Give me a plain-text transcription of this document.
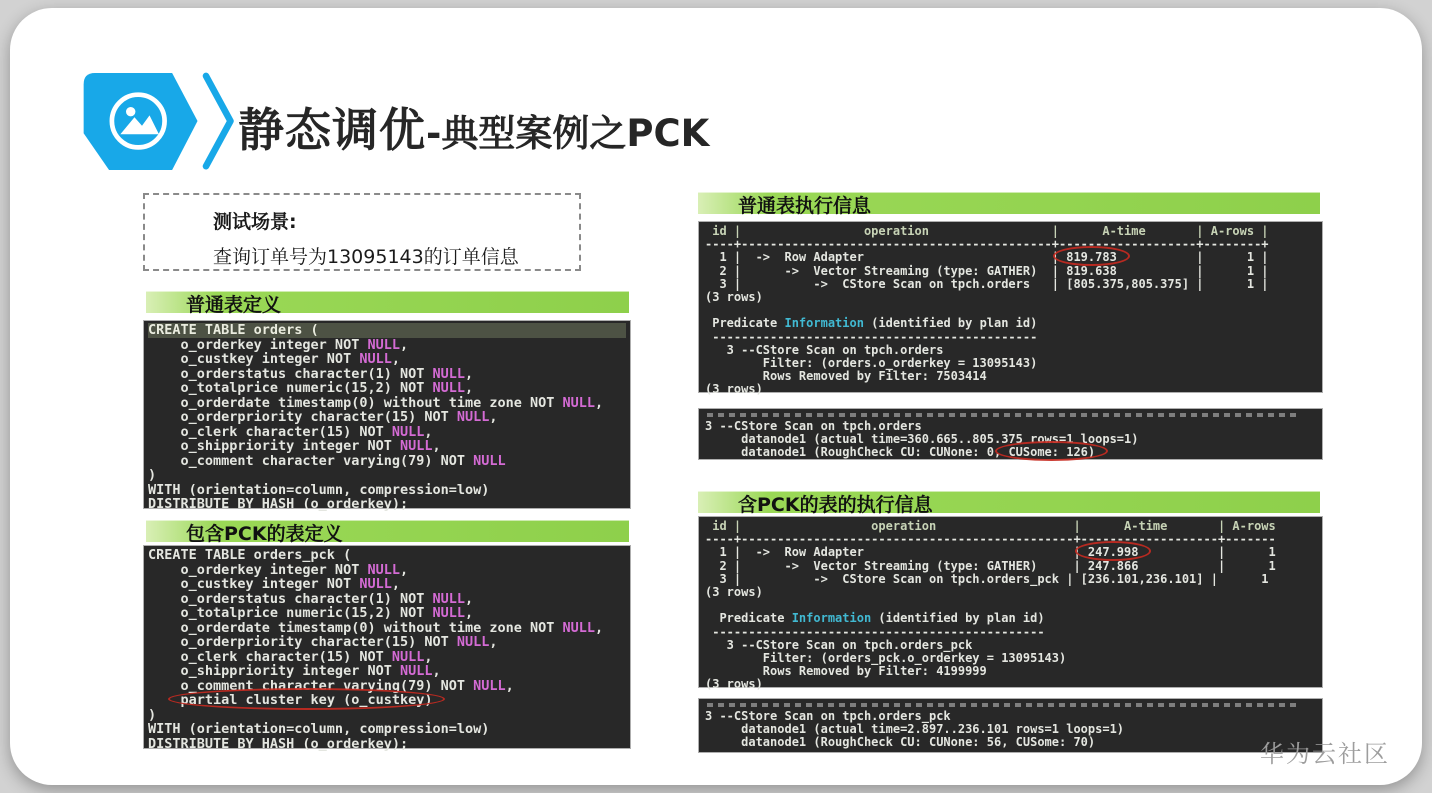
静态调优-典型案例之PCK
测试场景:
查询订单号为13095143的订单信息
普通表定义
CREATE TABLE orders (
o_orderkey integer NOT NULL,
o_custkey integer NOT NULL,
o_orderstatus character(1) NOT NULL,
o_totalprice numeric(15,2) NOT NULL,
o_orderdate timestamp(0) without time zone NOT NULL,
o_orderpriority character(15) NOT NULL,
o_clerk character(15) NOT NULL,
o_shippriority integer NOT NULL,
o_comment character varying(79) NOT NULL
)
WITH (orientation=column, compression=low)
DISTRIBUTE BY HASH (o_orderkey);
包含PCK的表定义
CREATE TABLE orders_pck (
o_orderkey integer NOT NULL,
o_custkey integer NOT NULL,
o_orderstatus character(1) NOT NULL,
o_totalprice numeric(15,2) NOT NULL,
o_orderdate timestamp(0) without time zone NOT NULL,
o_orderpriority character(15) NOT NULL,
o_clerk character(15) NOT NULL,
o_shippriority integer NOT NULL,
o_comment character varying(79) NOT NULL,
partial cluster key (o_custkey)
)
WITH (orientation=column, compression=low)
DISTRIBUTE BY HASH (o_orderkey);
普通表执行信息
id |                 operation                 |      A-time       | A-rows |
----+-------------------------------------------+-------------------+--------+
1 |  ->  Row Adapter                          | 819.783           |      1 |
2 |      ->  Vector Streaming (type: GATHER)  | 819.638           |      1 |
3 |          ->  CStore Scan on tpch.orders   | [805.375,805.375] |      1 |
(3 rows)

Predicate Information (identified by plan id)
---------------------------------------------
3 --CStore Scan on tpch.orders
Filter: (orders.o_orderkey = 13095143)
Rows Removed by Filter: 7503414
(3 rows)
3 --CStore Scan on tpch.orders
datanode1 (actual time=360.665..805.375 rows=1 loops=1)
datanode1 (RoughCheck CU: CUNone: 0, CUSome: 126)
含PCK的表的执行信息
id |                  operation                   |      A-time       | A-rows
----+----------------------------------------------+-------------------+-------
1 |  ->  Row Adapter                             | 247.998           |      1
2 |      ->  Vector Streaming (type: GATHER)     | 247.866           |      1
3 |          ->  CStore Scan on tpch.orders_pck | [236.101,236.101] |      1
(3 rows)

Predicate Information (identified by plan id)
----------------------------------------------
3 --CStore Scan on tpch.orders_pck
Filter: (orders_pck.o_orderkey = 13095143)
Rows Removed by Filter: 4199999
(3 rows)
3 --CStore Scan on tpch.orders_pck
datanode1 (actual time=2.897..236.101 rows=1 loops=1)
datanode1 (RoughCheck CU: CUNone: 56, CUSome: 70)	华为云社区
